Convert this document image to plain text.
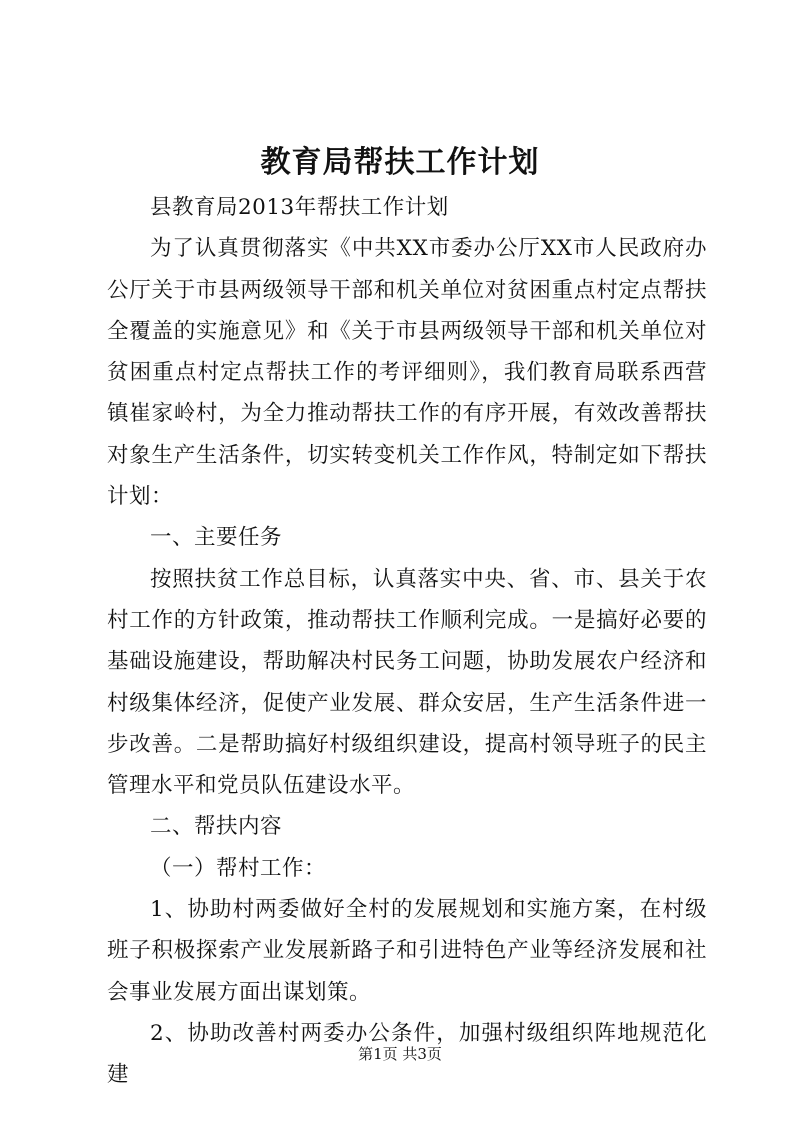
教育局帮扶工作计划

县教育局2013年帮扶工作计划

为了认真贯彻落实《中共XX市委办公厅XX市人民政府办公厅关于市县两级领导干部和机关单位对贫困重点村定点帮扶全覆盖的实施意见》和《关于市县两级领导干部和机关单位对贫困重点村定点帮扶工作的考评细则》，我们教育局联系西营镇崔家岭村，为全力推动帮扶工作的有序开展，有效改善帮扶对象生产生活条件，切实转变机关工作作风，特制定如下帮扶计划：

一、主要任务

按照扶贫工作总目标，认真落实中央、省、市、县关于农村工作的方针政策，推动帮扶工作顺利完成。一是搞好必要的基础设施建设，帮助解决村民务工问题，协助发展农户经济和村级集体经济，促使产业发展、群众安居，生产生活条件进一步改善。二是帮助搞好村级组织建设，提高村领导班子的民主管理水平和党员队伍建设水平。

二、帮扶内容

（一）帮村工作：

1、协助村两委做好全村的发展规划和实施方案，在村级班子积极探索产业发展新路子和引进特色产业等经济发展和社会事业发展方面出谋划策。

2、协助改善村两委办公条件，加强村级组织阵地规范化建

第1页 共3页
